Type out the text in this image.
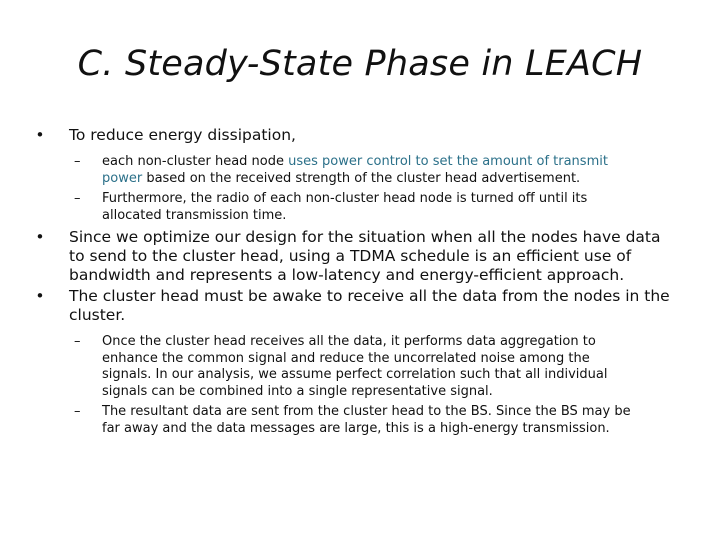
C. Steady-State Phase in LEACH
•	To reduce energy dissipation,
– each non-cluster head node uses power control to set the amount of transmit power based on the received strength of the cluster head advertisement.
– Furthermore, the radio of each non-cluster head node is turned off until its allocated transmission time.
•	Since we optimize our design for the situation when all the nodes have data to send to the cluster head, using a TDMA schedule is an efficient use of bandwidth and represents a low-latency and energy-efficient approach.
•	The cluster head must be awake to receive all the data from the nodes in the cluster.
– Once the cluster head receives all the data, it performs data aggregation to enhance the common signal and reduce the uncorrelated noise among the signals. In our analysis, we assume perfect correlation such that all individual signals can be combined into a single representative signal.
– The resultant data are sent from the cluster head to the BS. Since the BS may be far away and the data messages are large, this is a high-energy transmission.
